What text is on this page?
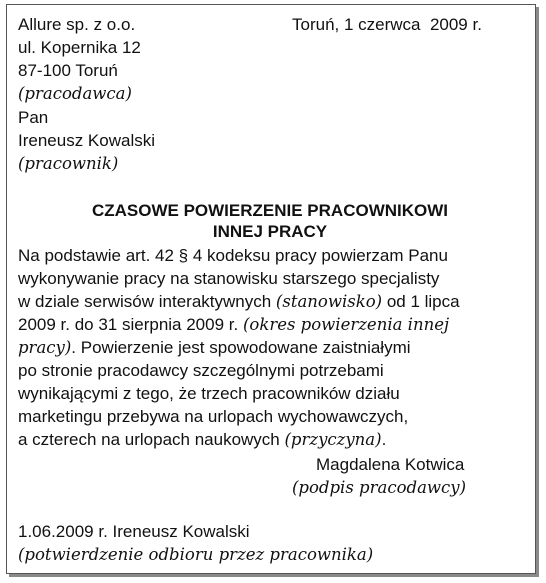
Allure sp. z o.o.
ul. Kopernika 12
87-100 Toruń
(pracodawca)
Toruń, 1 czerwca  2009 r.
Pan
Ireneusz Kowalski
(pracownik)
CZASOWE POWIERZENIE PRACOWNIKOWI
INNEJ PRACY
Na podstawie art. 42 § 4 kodeksu pracy powierzam Panu
wykonywanie pracy na stanowisku starszego specjalisty
w dziale serwisów interaktywnych (stanowisko) od 1 lipca
2009 r. do 31 sierpnia 2009 r. (okres powierzenia innej
pracy). Powierzenie jest spowodowane zaistniałymi
po stronie pracodawcy szczególnymi potrzebami
wynikającymi z tego, że trzech pracowników działu
marketingu przebywa na urlopach wychowawczych,
a czterech na urlopach naukowych (przyczyna).
Magdalena Kotwica
(podpis pracodawcy)
1.06.2009 r. Ireneusz Kowalski
(potwierdzenie odbioru przez pracownika)
